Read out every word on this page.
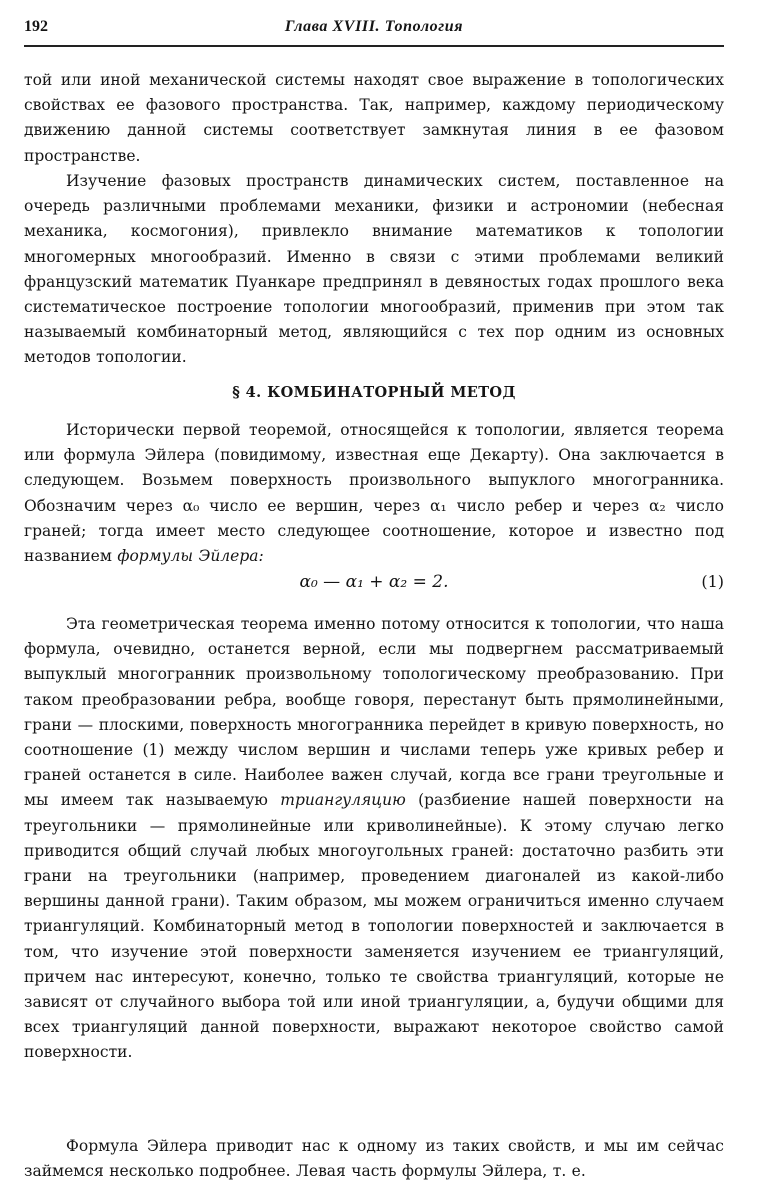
192	Глава XVIII. Топология

той или иной механической системы находят свое выражение в топологических свойствах ее фазового пространства. Так, например, каждому периодическому движению данной системы соответствует замкнутая линия в ее фазовом пространстве.

Изучение фазовых пространств динамических систем, поставленное на очередь различными проблемами механики, физики и астрономии (небесная механика, космогония), привлекло внимание математиков к топологии многомерных многообразий. Именно в связи с этими проблемами великий французский математик Пуанкаре предпринял в девяностых годах прошлого века систематическое построение топологии многообразий, применив при этом так называемый комбинаторный метод, являющийся с тех пор одним из основных методов топологии.

§ 4. КОМБИНАТОРНЫЙ МЕТОД

Исторически первой теоремой, относящейся к топологии, является теорема или формула Эйлера (повидимому, известная еще Декарту). Она заключается в следующем. Возьмем поверхность произвольного выпуклого многогранника. Обозначим через α₀ число ее вершин, через α₁ число ребер и через α₂ число граней; тогда имеет место следующее соотношение, которое и известно под названием формулы Эйлера:

α₀ — α₁ + α₂ = 2.	(1)

Эта геометрическая теорема именно потому относится к топологии, что наша формула, очевидно, останется верной, если мы подвергнем рассматриваемый выпуклый многогранник произвольному топологическому преобразованию. При таком преобразовании ребра, вообще говоря, перестанут быть прямолинейными, грани — плоскими, поверхность многогранника перейдет в кривую поверхность, но соотношение (1) между числом вершин и числами теперь уже кривых ребер и граней останется в силе. Наиболее важен случай, когда все грани треугольные и мы имеем так называемую триангуляцию (разбиение нашей поверхности на треугольники — прямолинейные или криволинейные). К этому случаю легко приводится общий случай любых многоугольных граней: достаточно разбить эти грани на треугольники (например, проведением диагоналей из какой-либо вершины данной грани). Таким образом, мы можем ограничиться именно случаем триангуляций. Комбинаторный метод в топологии поверхностей и заключается в том, что изучение этой поверхности заменяется изучением ее триангуляций, причем нас интересуют, конечно, только те свойства триангуляций, которые не зависят от случайного выбора той или иной триангуляции, а, будучи общими для всех триангуляций данной поверхности, выражают некоторое свойство самой поверхности.

Формула Эйлера приводит нас к одному из таких свойств, и мы им сейчас займемся несколько подробнее. Левая часть формулы Эйлера, т. е.
